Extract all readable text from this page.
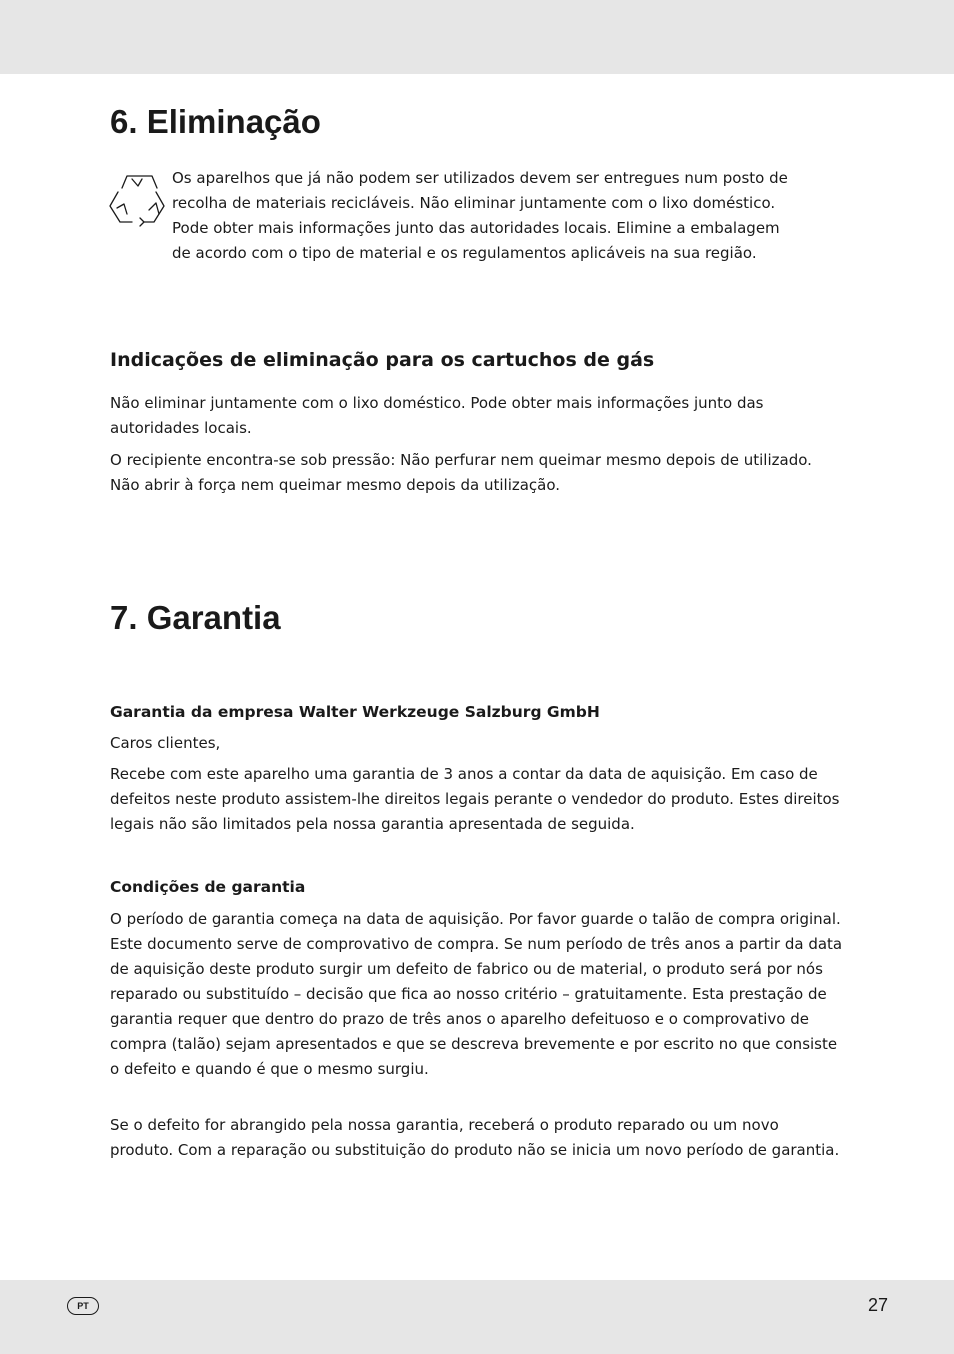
6. Eliminação

Os aparelhos que já não podem ser utilizados devem ser entregues num posto de recolha de materiais recicláveis. Não eliminar juntamente com o lixo doméstico. Pode obter mais informações junto das autoridades locais. Elimine a embalagem de acordo com o tipo de material e os regulamentos aplicáveis na sua região.

Indicações de eliminação para os cartuchos de gás

Não eliminar juntamente com o lixo doméstico. Pode obter mais informações junto das autoridades locais.

O recipiente encontra-se sob pressão: Não perfurar nem queimar mesmo depois de utilizado. Não abrir à força nem queimar mesmo depois da utilização.

7. Garantia
Garantia da empresa Walter Werkzeuge Salzburg GmbH

Caros clientes,

Recebe com este aparelho uma garantia de 3 anos a contar da data de aquisição. Em caso de defeitos neste produto assistem-lhe direitos legais perante o vendedor do produto. Estes direitos legais não são limitados pela nossa garantia apresentada de seguida.

Condições de garantia

O período de garantia começa na data de aquisição. Por favor guarde o talão de compra original. Este documento serve de comprovativo de compra. Se num período de três anos a partir da data de aquisição deste produto surgir um defeito de fabrico ou de material, o produto será por nós reparado ou substituído – decisão que fica ao nosso critério – gratuitamente. Esta prestação de garantia requer que dentro do prazo de três anos o aparelho defeituoso e o comprovativo de compra (talão) sejam apresentados e que se descreva brevemente e por escrito no que consiste o defeito e quando é que o mesmo surgiu.

Se o defeito for abrangido pela nossa garantia, receberá o produto reparado ou um novo produto. Com a reparação ou substituição do produto não se inicia um novo período de garantia.

PT	27
